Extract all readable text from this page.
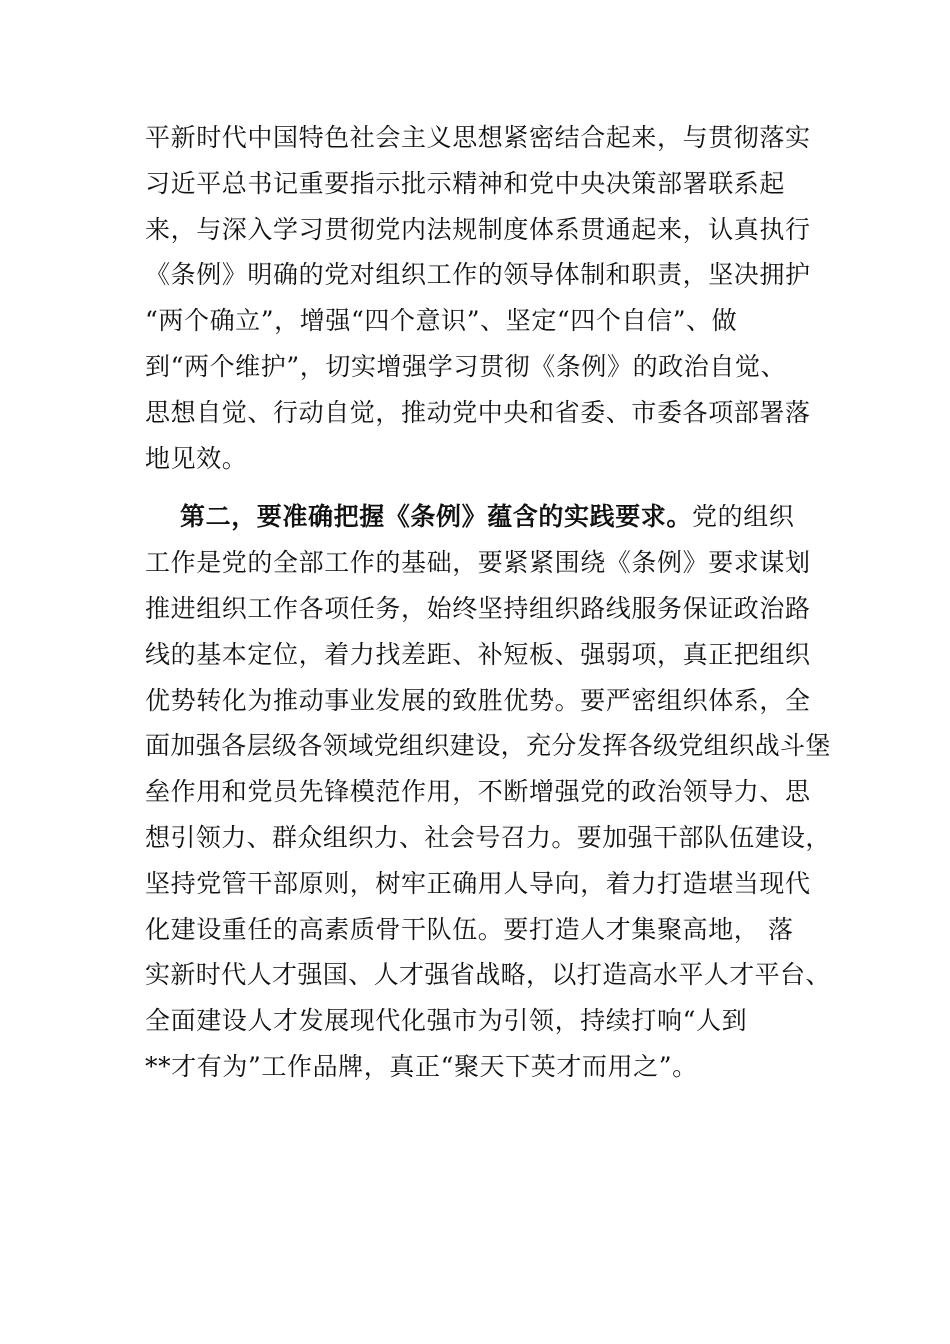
平新时代中国特色社会主义思想紧密结合起来，与贯彻落实
习近平总书记重要指示批示精神和党中央决策部署联系起
来，与深入学习贯彻党内法规制度体系贯通起来，认真执行
《条例》明确的党对组织工作的领导体制和职责，坚决拥护
“两个确立”，增强“四个意识”、坚定“四个自信”、做
到“两个维护”，切实增强学习贯彻《条例》的政治自觉、
思想自觉、行动自觉，推动党中央和省委、市委各项部署落
地见效。
第二，要准确把握《条例》蕴含的实践要求。党的组织
工作是党的全部工作的基础，要紧紧围绕《条例》要求谋划
推进组织工作各项任务，始终坚持组织路线服务保证政治路
线的基本定位，着力找差距、补短板、强弱项，真正把组织
优势转化为推动事业发展的致胜优势。要严密组织体系，全
面加强各层级各领域党组织建设，充分发挥各级党组织战斗堡
垒作用和党员先锋模范作用，不断增强党的政治领导力、思
想引领力、群众组织力、社会号召力。要加强干部队伍建设，
坚持党管干部原则，树牢正确用人导向，着力打造堪当现代
化建设重任的高素质骨干队伍。要打造人才集聚高地， 落
实新时代人才强国、人才强省战略，以打造高水平人才平台、
全面建设人才发展现代化强市为引领，持续打响“人到
**才有为”工作品牌，真正“聚天下英才而用之”。
